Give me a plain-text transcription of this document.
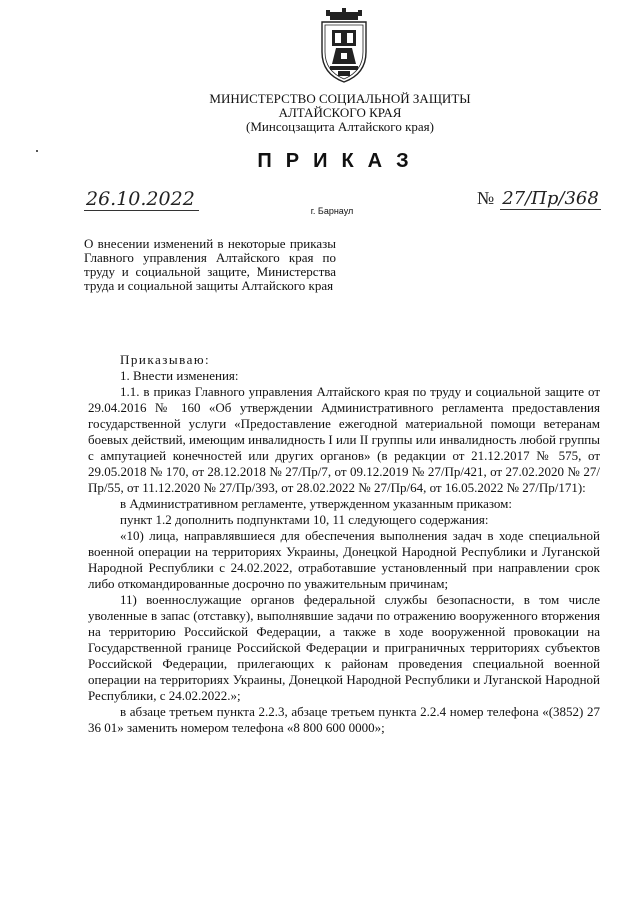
МИНИСТЕРСТВО СОЦИАЛЬНОЙ ЗАЩИТЫ
АЛТАЙСКОГО КРАЯ
(Минсоцзащита Алтайского края)
ПРИКАЗ
26.10.2022	№ 27/Пр/368
г. Барнаул
О внесении изменений в некоторые приказы Главного управления Алтайского края по труду и социальной защите, Министерства труда и социальной защиты Алтайского края

Приказываю:

1. Внести изменения:

1.1. в приказ Главного управления Алтайского края по труду и социальной защите от 29.04.2016 № 160 «Об утверждении Административного регламента предоставления государственной услуги «Предоставление ежегодной материальной помощи ветеранам боевых действий, имеющим инвалидность I или II группы или инвалидность любой группы с ампутацией конечностей или других органов» (в редакции от 21.12.2017 № 575, от 29.05.2018 № 170, от 28.12.2018 № 27/Пр/7, от 09.12.2019 № 27/Пр/421, от 27.02.2020 № 27/Пр/55, от 11.12.2020 № 27/Пр/393, от 28.02.2022 № 27/Пр/64, от 16.05.2022 № 27/Пр/171):

в Административном регламенте, утвержденном указанным приказом:

пункт 1.2 дополнить подпунктами 10, 11 следующего содержания:

«10) лица, направлявшиеся для обеспечения выполнения задач в ходе специальной военной операции на территориях Украины, Донецкой Народной Республики и Луганской Народной Республики с 24.02.2022, отработавшие установленный при направлении срок либо откомандированные досрочно по уважительным причинам;

11) военнослужащие органов федеральной службы безопасности, в том числе уволенные в запас (отставку), выполнявшие задачи по отражению вооруженного вторжения на территорию Российской Федерации, а также в ходе вооруженной провокации на Государственной границе Российской Федерации и приграничных территориях субъектов Российской Федерации, прилегающих к районам проведения специальной военной операции на территориях Украины, Донецкой Народной Республики и Луганской Народной Республики, с 24.02.2022.»;

в абзаце третьем пункта 2.2.3, абзаце третьем пункта 2.2.4 номер телефона «(3852) 27 36 01» заменить номером телефона «8 800 600 0000»;
